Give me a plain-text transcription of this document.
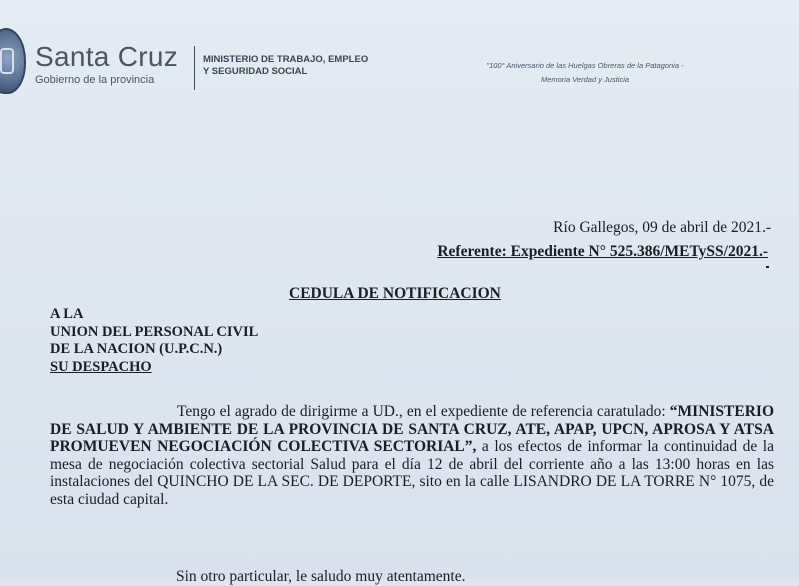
Santa Cruz
Gobierno de la provincia
MINISTERIO DE TRABAJO, EMPLEO
Y SEGURIDAD SOCIAL
"100° Aniversario de las Huelgas Obreras de la Patagonia -
Memoria Verdad y Justicia
Río Gallegos, 09 de abril de 2021.-
Referente: Expediente N° 525.386/METySS/2021.-
CEDULA DE NOTIFICACION
A LA
UNION DEL PERSONAL CIVIL
DE LA NACION (U.P.C.N.)
SU DESPACHO
Tengo el agrado de dirigirme a UD., en el expediente de referencia caratulado: “MINISTERIO DE SALUD Y AMBIENTE DE LA PROVINCIA DE SANTA CRUZ, ATE, APAP, UPCN, APROSA Y ATSA PROMUEVEN NEGOCIACIÓN COLECTIVA SECTORIAL”, a los efectos de informar la continuidad de la mesa de negociación colectiva sectorial Salud para el día 12 de abril del corriente año a las 13:00 horas en las instalaciones del QUINCHO DE LA SEC. DE DEPORTE, sito en la calle LISANDRO DE LA TORRE N° 1075, de esta ciudad capital.
Sin otro particular, le saludo muy atentamente.
